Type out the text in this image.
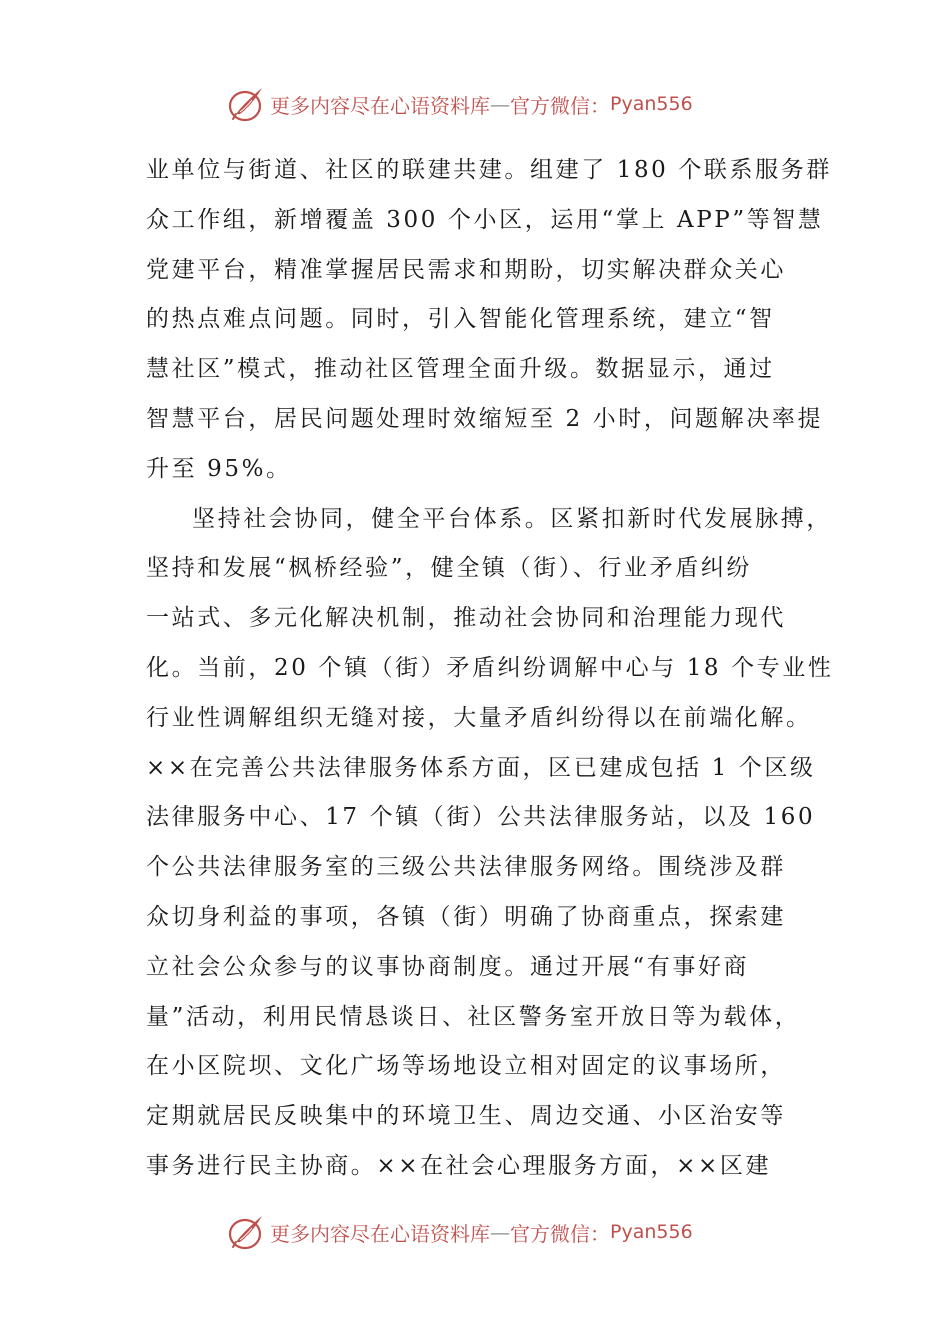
更多内容尽在心语资料库 — 官方微信： Pyan556
业单位与街道、社区的联建共建。组建了 180 个联系服务群
众工作组，新增覆盖 300 个小区，运用“掌上 APP”等智慧
党建平台，精准掌握居民需求和期盼，切实解决群众关心
的热点难点问题。同时，引入智能化管理系统，建立“智
慧社区”模式，推动社区管理全面升级。数据显示，通过
智慧平台，居民问题处理时效缩短至 2 小时，问题解决率提
升至 95%。
坚持社会协同，健全平台体系。区紧扣新时代发展脉搏，
坚持和发展“枫桥经验”，健全镇（街）、行业矛盾纠纷
一站式、多元化解决机制，推动社会协同和治理能力现代
化。当前，20 个镇（街）矛盾纠纷调解中心与 18 个专业性
行业性调解组织无缝对接，大量矛盾纠纷得以在前端化解。
××在完善公共法律服务体系方面，区已建成包括 1 个区级
法律服务中心、17 个镇（街）公共法律服务站，以及 160
个公共法律服务室的三级公共法律服务网络。围绕涉及群
众切身利益的事项，各镇（街）明确了协商重点，探索建
立社会公众参与的议事协商制度。通过开展“有事好商
量”活动，利用民情恳谈日、社区警务室开放日等为载体，
在小区院坝、文化广场等场地设立相对固定的议事场所，
定期就居民反映集中的环境卫生、周边交通、小区治安等
事务进行民主协商。××在社会心理服务方面，××区建
更多内容尽在心语资料库 — 官方微信： Pyan556
